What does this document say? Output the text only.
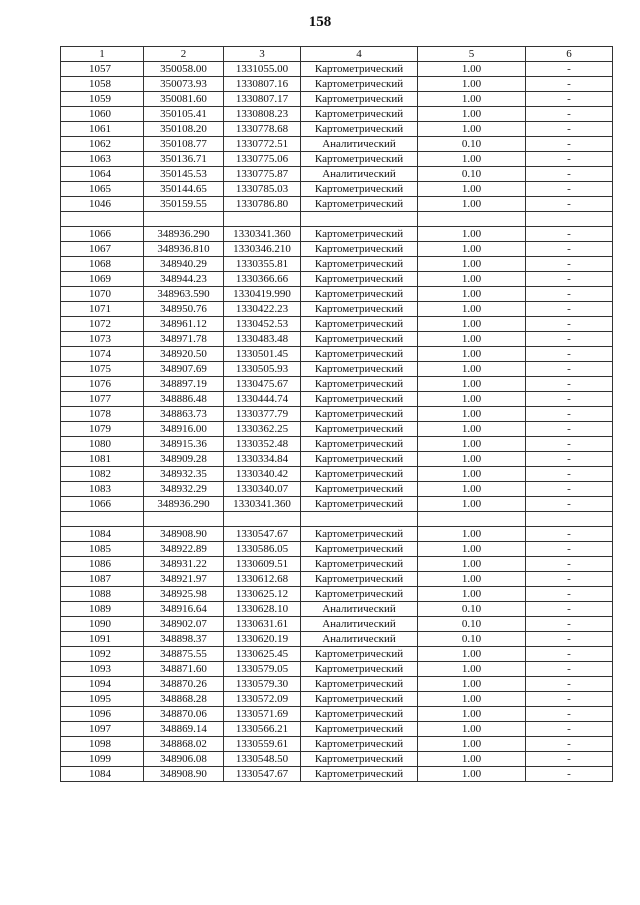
158
1	2	3	4	5	6
1057	350058.00	1331055.00	Картометрический	1.00	-
1058	350073.93	1330807.16	Картометрический	1.00	-
1059	350081.60	1330807.17	Картометрический	1.00	-
1060	350105.41	1330808.23	Картометрический	1.00	-
1061	350108.20	1330778.68	Картометрический	1.00	-
1062	350108.77	1330772.51	Аналитический	0.10	-
1063	350136.71	1330775.06	Картометрический	1.00	-
1064	350145.53	1330775.87	Аналитический	0.10	-
1065	350144.65	1330785.03	Картометрический	1.00	-
1046	350159.55	1330786.80	Картометрический	1.00	-

1066	348936.290	1330341.360	Картометрический	1.00	-
1067	348936.810	1330346.210	Картометрический	1.00	-
1068	348940.29	1330355.81	Картометрический	1.00	-
1069	348944.23	1330366.66	Картометрический	1.00	-
1070	348963.590	1330419.990	Картометрический	1.00	-
1071	348950.76	1330422.23	Картометрический	1.00	-
1072	348961.12	1330452.53	Картометрический	1.00	-
1073	348971.78	1330483.48	Картометрический	1.00	-
1074	348920.50	1330501.45	Картометрический	1.00	-
1075	348907.69	1330505.93	Картометрический	1.00	-
1076	348897.19	1330475.67	Картометрический	1.00	-
1077	348886.48	1330444.74	Картометрический	1.00	-
1078	348863.73	1330377.79	Картометрический	1.00	-
1079	348916.00	1330362.25	Картометрический	1.00	-
1080	348915.36	1330352.48	Картометрический	1.00	-
1081	348909.28	1330334.84	Картометрический	1.00	-
1082	348932.35	1330340.42	Картометрический	1.00	-
1083	348932.29	1330340.07	Картометрический	1.00	-
1066	348936.290	1330341.360	Картометрический	1.00	-

1084	348908.90	1330547.67	Картометрический	1.00	-
1085	348922.89	1330586.05	Картометрический	1.00	-
1086	348931.22	1330609.51	Картометрический	1.00	-
1087	348921.97	1330612.68	Картометрический	1.00	-
1088	348925.98	1330625.12	Картометрический	1.00	-
1089	348916.64	1330628.10	Аналитический	0.10	-
1090	348902.07	1330631.61	Аналитический	0.10	-
1091	348898.37	1330620.19	Аналитический	0.10	-
1092	348875.55	1330625.45	Картометрический	1.00	-
1093	348871.60	1330579.05	Картометрический	1.00	-
1094	348870.26	1330579.30	Картометрический	1.00	-
1095	348868.28	1330572.09	Картометрический	1.00	-
1096	348870.06	1330571.69	Картометрический	1.00	-
1097	348869.14	1330566.21	Картометрический	1.00	-
1098	348868.02	1330559.61	Картометрический	1.00	-
1099	348906.08	1330548.50	Картометрический	1.00	-
1084	348908.90	1330547.67	Картометрический	1.00	-
